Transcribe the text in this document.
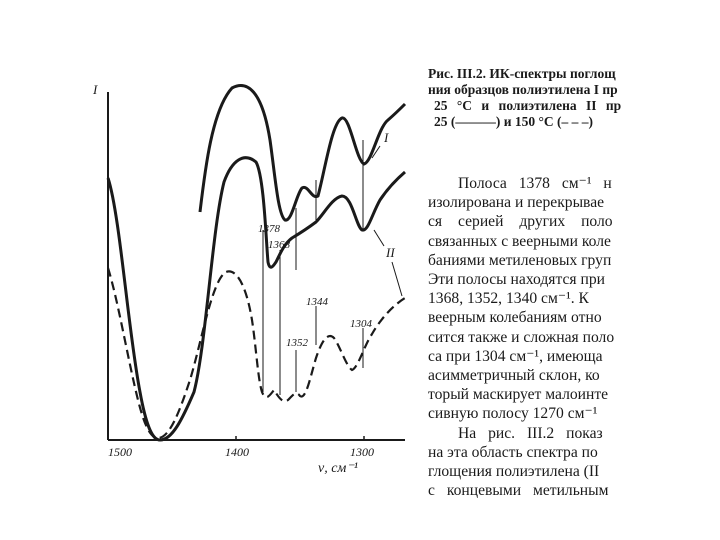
I
1500	1400	1300
ν, см⁻¹
1378
1368
1344
1352
1304
I
II
Рис. III.2. ИК-спектры поглощ
ния образцов полиэтилена I пр
25 °С и полиэтилена II пр
25 (———) и 150 °С (– – –)
Полоса 1378 см⁻¹ н
изолирована и перекрывае
ся серией других поло
связанных с веерными коле
баниями метиленовых груп
Эти полосы находятся при
1368, 1352, 1340 см⁻¹. К
веерным колебаниям отно
сится также и сложная поло
са при 1304 см⁻¹, имеюща
асимметричный склон, ко
торый маскирует малоинте
сивную полосу 1270 см⁻¹
На рис. III.2 показ
на эта область спектра по
глощения полиэтилена (II
с концевыми метильным
